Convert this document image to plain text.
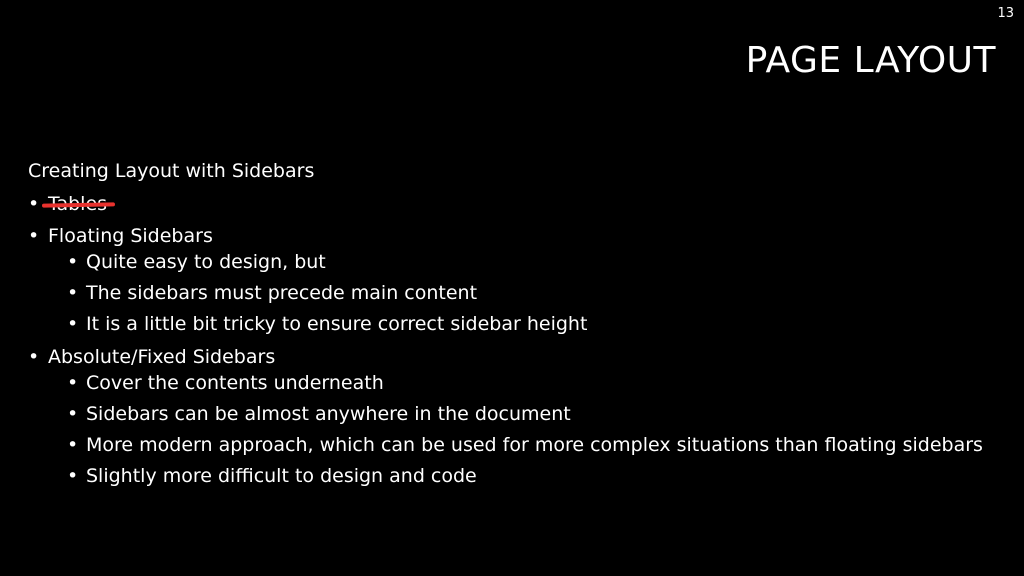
13
PAGE LAYOUT
Creating Layout with Sidebars
•
• Floating Sidebars
• Quite easy to design, but
• The sidebars must precede main content
• It is a little bit tricky to ensure correct sidebar height
• Absolute/Fixed Sidebars
• Cover the contents underneath
• Sidebars can be almost anywhere in the document
• More modern approach, which can be used for more complex situations than floating sidebars
• Slightly more difficult to design and code
